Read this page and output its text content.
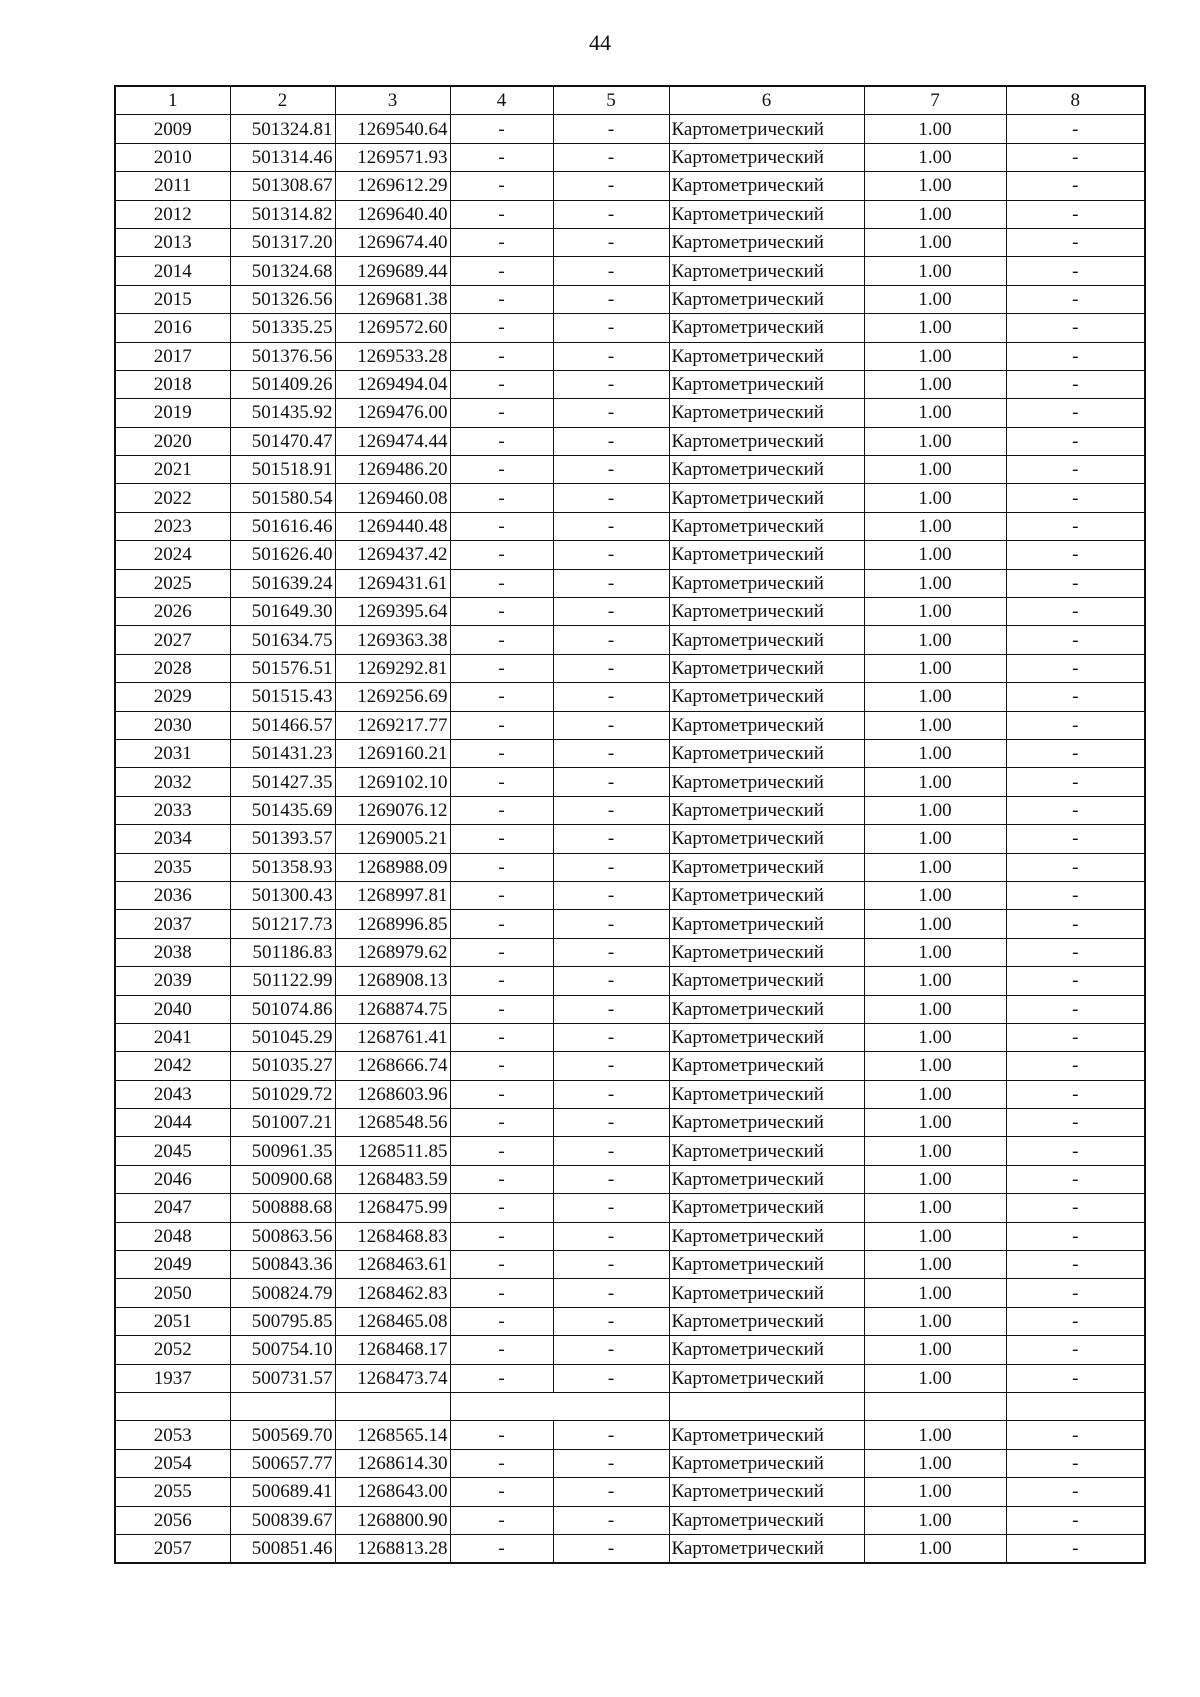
44
1	2	3	4	5	6	7	8
2009	501324.81	1269540.64	-	-	Картометрический	1.00	-
2010	501314.46	1269571.93	-	-	Картометрический	1.00	-
2011	501308.67	1269612.29	-	-	Картометрический	1.00	-
2012	501314.82	1269640.40	-	-	Картометрический	1.00	-
2013	501317.20	1269674.40	-	-	Картометрический	1.00	-
2014	501324.68	1269689.44	-	-	Картометрический	1.00	-
2015	501326.56	1269681.38	-	-	Картометрический	1.00	-
2016	501335.25	1269572.60	-	-	Картометрический	1.00	-
2017	501376.56	1269533.28	-	-	Картометрический	1.00	-
2018	501409.26	1269494.04	-	-	Картометрический	1.00	-
2019	501435.92	1269476.00	-	-	Картометрический	1.00	-
2020	501470.47	1269474.44	-	-	Картометрический	1.00	-
2021	501518.91	1269486.20	-	-	Картометрический	1.00	-
2022	501580.54	1269460.08	-	-	Картометрический	1.00	-
2023	501616.46	1269440.48	-	-	Картометрический	1.00	-
2024	501626.40	1269437.42	-	-	Картометрический	1.00	-
2025	501639.24	1269431.61	-	-	Картометрический	1.00	-
2026	501649.30	1269395.64	-	-	Картометрический	1.00	-
2027	501634.75	1269363.38	-	-	Картометрический	1.00	-
2028	501576.51	1269292.81	-	-	Картометрический	1.00	-
2029	501515.43	1269256.69	-	-	Картометрический	1.00	-
2030	501466.57	1269217.77	-	-	Картометрический	1.00	-
2031	501431.23	1269160.21	-	-	Картометрический	1.00	-
2032	501427.35	1269102.10	-	-	Картометрический	1.00	-
2033	501435.69	1269076.12	-	-	Картометрический	1.00	-
2034	501393.57	1269005.21	-	-	Картометрический	1.00	-
2035	501358.93	1268988.09	-	-	Картометрический	1.00	-
2036	501300.43	1268997.81	-	-	Картометрический	1.00	-
2037	501217.73	1268996.85	-	-	Картометрический	1.00	-
2038	501186.83	1268979.62	-	-	Картометрический	1.00	-
2039	501122.99	1268908.13	-	-	Картометрический	1.00	-
2040	501074.86	1268874.75	-	-	Картометрический	1.00	-
2041	501045.29	1268761.41	-	-	Картометрический	1.00	-
2042	501035.27	1268666.74	-	-	Картометрический	1.00	-
2043	501029.72	1268603.96	-	-	Картометрический	1.00	-
2044	501007.21	1268548.56	-	-	Картометрический	1.00	-
2045	500961.35	1268511.85	-	-	Картометрический	1.00	-
2046	500900.68	1268483.59	-	-	Картометрический	1.00	-
2047	500888.68	1268475.99	-	-	Картометрический	1.00	-
2048	500863.56	1268468.83	-	-	Картометрический	1.00	-
2049	500843.36	1268463.61	-	-	Картометрический	1.00	-
2050	500824.79	1268462.83	-	-	Картометрический	1.00	-
2051	500795.85	1268465.08	-	-	Картометрический	1.00	-
2052	500754.10	1268468.17	-	-	Картометрический	1.00	-
1937	500731.57	1268473.74	-	-	Картометрический	1.00	-

2053	500569.70	1268565.14	-	-	Картометрический	1.00	-
2054	500657.77	1268614.30	-	-	Картометрический	1.00	-
2055	500689.41	1268643.00	-	-	Картометрический	1.00	-
2056	500839.67	1268800.90	-	-	Картометрический	1.00	-
2057	500851.46	1268813.28	-	-	Картометрический	1.00	-
